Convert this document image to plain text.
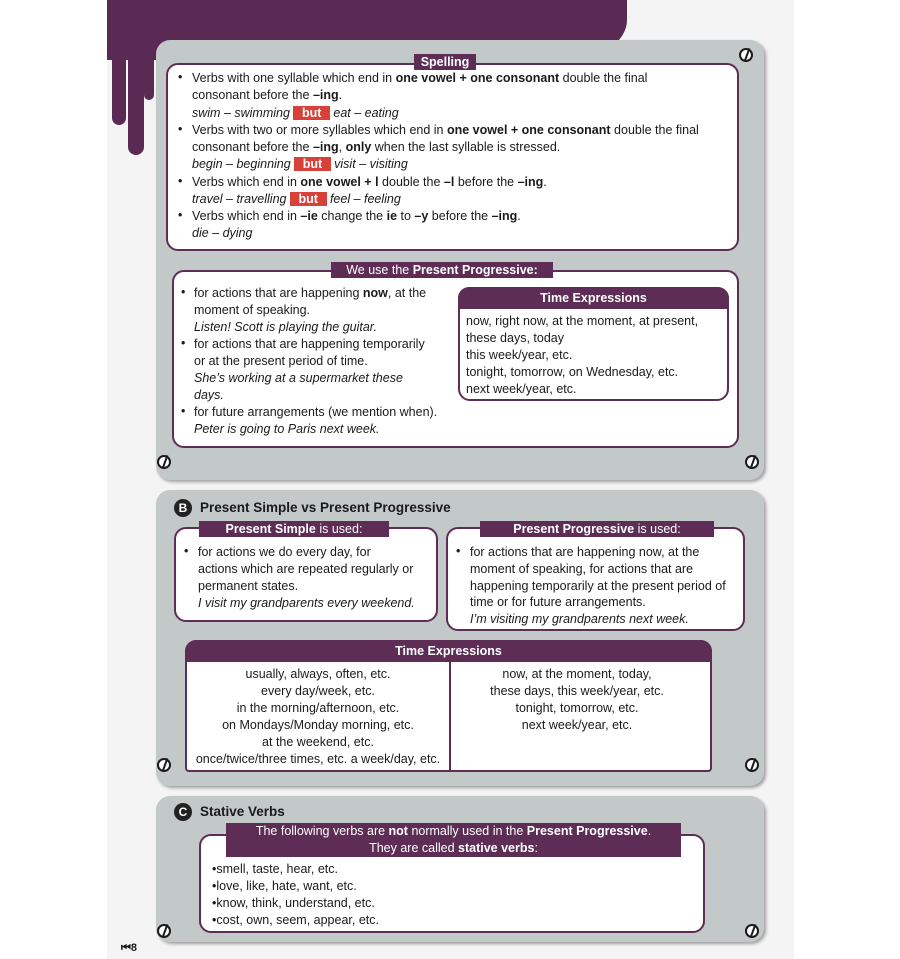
Spelling
• Verbs with one syllable which end in one vowel + one consonant double the final
consonant before the –ing.
swim – swimming but eat – eating
• Verbs with two or more syllables which end in one vowel + one consonant double the final
consonant before the –ing, only when the last syllable is stressed.
begin – beginning but visit – visiting
• Verbs which end in one vowel + l double the –l before the –ing.
travel – travelling but feel – feeling
• Verbs which end in –ie change the ie to –y before the –ing.
die – dying
We use the Present Progressive:
• for actions that are happening now, at the
moment of speaking.
Listen! Scott is playing the guitar.
• for actions that are happening temporarily
or at the present period of time.
She’s working at a supermarket these
days.
• for future arrangements (we mention when).
Peter is going to Paris next week.
Time Expressions
now, right now, at the moment, at present,
these days, today
this week/year, etc.
tonight, tomorrow, on Wednesday, etc.
next week/year, etc.
B Present Simple vs Present Progressive
Present Simple is used:
• for actions we do every day, for
actions which are repeated regularly or
permanent states.
I visit my grandparents every weekend.
Present Progressive is used:
• for actions that are happening now, at the
moment of speaking, for actions that are
happening temporarily at the present period of
time or for future arrangements.
I’m visiting my grandparents next week.
Time Expressions
usually, always, often, etc.
every day/week, etc.
in the morning/afternoon, etc.
on Mondays/Monday morning, etc.
at the weekend, etc.
once/twice/three times, etc. a week/day, etc.
now, at the moment, today,
these days, this week/year, etc.
tonight, tomorrow, etc.
next week/year, etc.
C Stative Verbs
The following verbs are not normally used in the Present Progressive.
They are called stative verbs:
•smell, taste, hear, etc.
•love, like, hate, want, etc.
•know, think, understand, etc.
•cost, own, seem, appear, etc.
⏮8
